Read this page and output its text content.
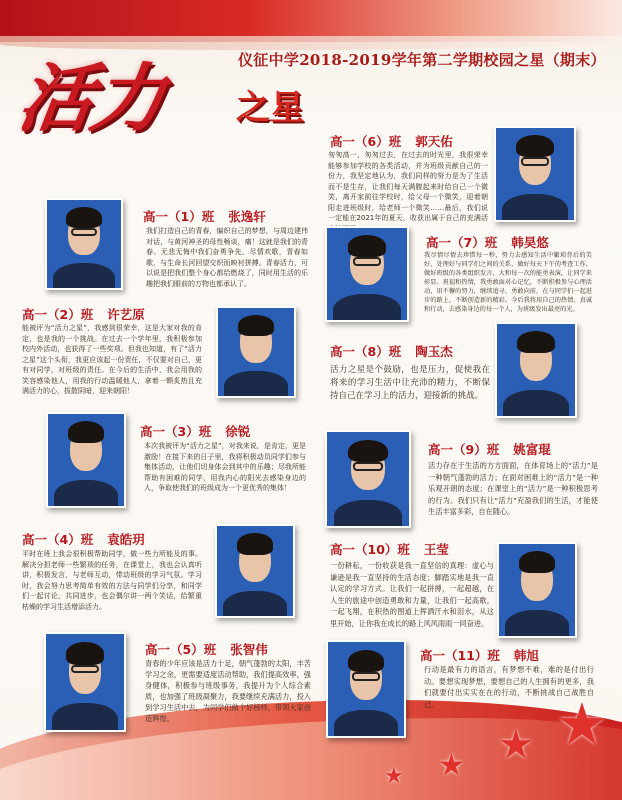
★
★
★
★
仪征中学2018-2019学年第二学期校园之星（期末）
活力 之星
高一（1）班 张逸轩
我们打造自己的青春，编织自己的梦想，与周边建伟对话，与黄河神圣的母性畅谈，痛！这就是我们的青春。无悲无悔中我们奋勇争先，尽情欢歌，青春如歌，与生命长河回望交织而映衬拼搏。青春活力，可以说是把我们整个身心都给燃烧了，同时用生活的乐趣把我们眼前的万物也都承认了。
高一（2）班 许艺原
能被评为“活力之星”，我感到很荣幸，这是大家对我的肯定，也是我的一个挑战。在过去一个学年里，我积极参加校内外活动，也获得了一些奖项。但我也知道，有了“活力之星”这个头衔，我更应该起一份责任，不仅要对自己，更有对同学，对班级的责任。在今后的生活中，我会用我的笑容感染他人，用我的行动温暖他人，拿着一颗炙热且充满活力的心，拔散阴暗，迎来朝阳！
高一（3）班 徐锐
本次我被评为“活力之星”，对我来说，是肯定，更是激励！在接下来的日子里，我将积极动员同学们参与集体活动，让他们切身体会到其中的乐趣；尽我所能帮助有困难的同学，用我内心的阳光去感染身边的人，争取使我们的班级成为一个更优秀的集体！
高一（4）班 袁皓玥
平时在班上我会很积极帮助同学，做一些力所能及的事。解决分担老师一些繁琐的任务，在课堂上，我也会认真听讲，积极发言，与老师互动，带动班级的学习气氛。学习时，我会努力思考简单有效的方法与同学们分享，和同学们一起讨论，共同进步，也会偶尔讲一两个笑话，给繁重枯燥的学习生活增添活力。
高一（5）班 张智伟
青春的少年应该是活力十足，朝气蓬勃的太阳，丰苦学习之余，更需要适度活动帮助，我们提高效率，强身健体，积极参与班级事务，我提升为个人综合素质，也加强了班级凝聚力，我要继续充满活力，投入到学习生活中去，为同学们做个好榜样，带领大家创造辉煌。
高一（6）班 郭天佑
匆匆高一，匆匆过去，在过去的时光里，我很荣幸能够参加学校的各类活动，并为班级贡献自己的一份力，我坚定地认为，我们同样的努力是为了生活而不是生存，让我们每天满腹起来时给自己一个微笑，离开家前往学校时，给父母一个微笑，迎着朝阳走进班级时，给老师一个微笑……最后，我们说一定能在2021年的夏天，收获出属于自己的充满活
高一（7）班 韩昊悠
我尽情尽情去珍惜每一秒，努力去感知生活中繁琐背后的美好，处理好与同学们之间的关系，做好每天下午的考查工作，做好班级的各类组织发言，大和每一次的能勇表演，让同学来彰显、祝福和热情，我勇敢面对心记忆，不断积极参与心理活动，用不懈的努力，继续追寻、勇敢向前，在与同学们一起进步的路上，不断创造新的精彩。今后我将用自己的热情、真诚和行动，去感染身边的每一个人，为班级发出最亮的光。
高一（8）班 陶玉杰
活力之星是个鼓励，也是压力，促使我在将来的学习生活中让充沛的精力，不断保持自己在学习上的活力，迎接新的挑战。
高一（9）班 姚富琨
活力存在于生活的方方面面，在体育场上的“活力”是一种朝气蓬勃的活力；在面对困难上的“活力”是一种乐观开朗的态度；在课堂上的“活力”是一种积极思考的行为。我们只有让“活力”充盈我们的生活，才能使生活丰富多彩，自在随心。
高一（10）班 王莹
一份耕耘，一份收获是我一直坚信的真理：虚心与谦逊是我一直坚持的生活态度；脚踏实地是我一直认定的学习方式。让我们一起拼搏，一起超越，在人生的旅途中创造勇敢和力量，让我们一起高歌，一起飞翔，在积热的图道上挥洒汗水和泪水，从这里开始，让你我在成长的路上风风雨雨一同奋进。
高一（11）班 韩旭
行动是最有力的语言，有梦想不难，难的是付出行动。要想实现梦想，要想自己的人生拥有的更多，我们就要付出实实在在的行动，不断挑战自己战胜自己。
